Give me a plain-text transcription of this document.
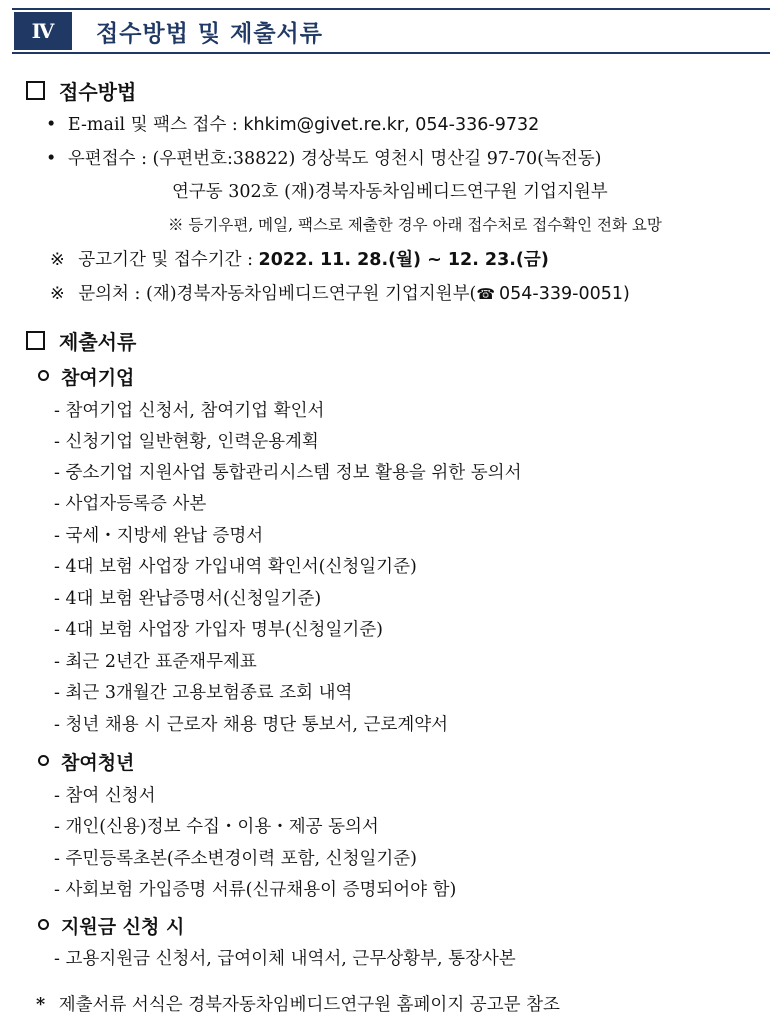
Ⅳ	접수방법 및 제출서류
접수방법
• E-mail 및 팩스 접수 : khkim@givet.re.kr, 054-336-9732
• 우편접수 : (우편번호:38822) 경상북도 영천시 명산길 97-70(녹전동)
연구동 302호 (재)경북자동차임베디드연구원 기업지원부
※ 등기우편, 메일, 팩스로 제출한 경우 아래 접수처로 접수확인 전화 요망
※ 공고기간 및 접수기간 : 2022. 11. 28.(월) ~ 12. 23.(금)
※ 문의처 : (재)경북자동차임베디드연구원 기업지원부(☎ 054-339-0051)
제출서류
참여기업
- 참여기업 신청서, 참여기업 확인서
- 신청기업 일반현황, 인력운용계획
- 중소기업 지원사업 통합관리시스템 정보 활용을 위한 동의서
- 사업자등록증 사본
- 국세・지방세 완납 증명서
- 4대 보험 사업장 가입내역 확인서(신청일기준)
- 4대 보험 완납증명서(신청일기준)
- 4대 보험 사업장 가입자 명부(신청일기준)
- 최근 2년간 표준재무제표
- 최근 3개월간 고용보험종료 조회 내역
- 청년 채용 시 근로자 채용 명단 통보서, 근로계약서
참여청년
- 참여 신청서
- 개인(신용)정보 수집・이용・제공 동의서
- 주민등록초본(주소변경이력 포함, 신청일기준)
- 사회보험 가입증명 서류(신규채용이 증명되어야 함)
지원금 신청 시
- 고용지원금 신청서, 급여이체 내역서, 근무상황부, 통장사본
* 제출서류 서식은 경북자동차임베디드연구원 홈페이지 공고문 참조
